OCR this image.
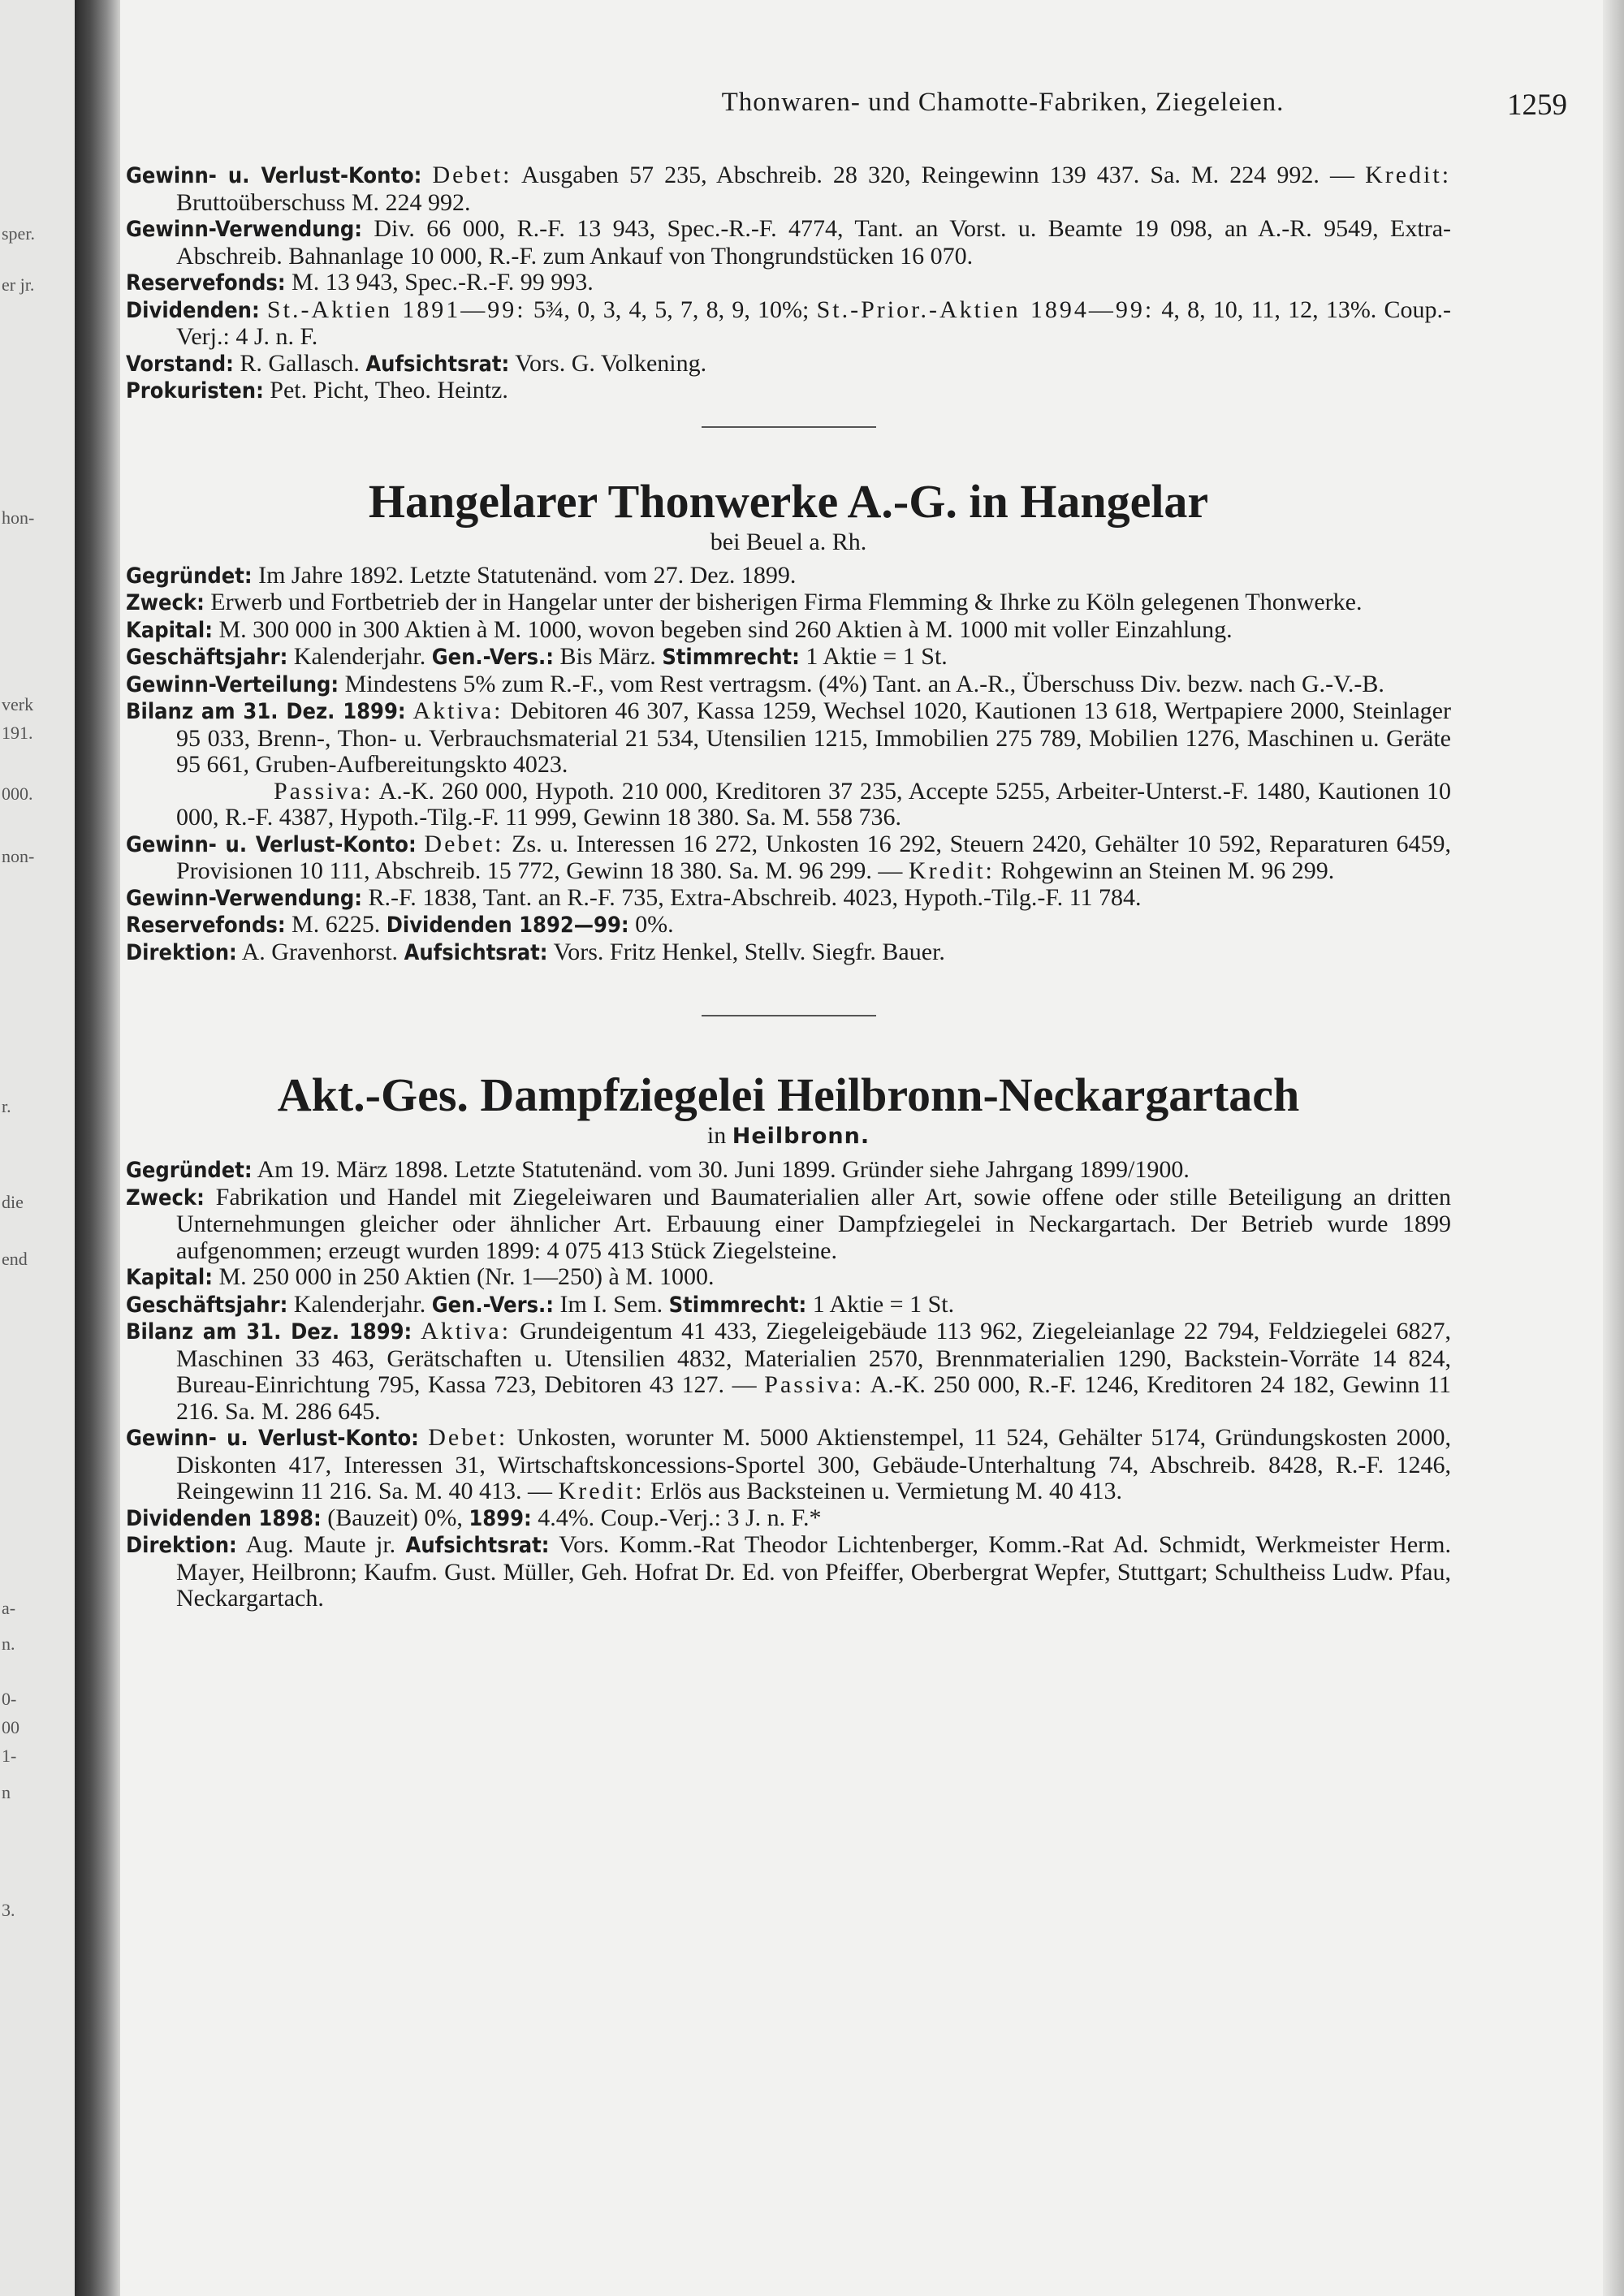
sper.
er jr.
hon-
verk
191.
000.
non-
r.
die
end
a-
n.
0-
00
1-
n
3.
Thonwaren- und Chamotte-Fabriken, Ziegeleien.	1259

Gewinn- u. Verlust-Konto: Debet: Ausgaben 57 235, Abschreib. 28 320, Reingewinn 139 437. Sa. M. 224 992. — Kredit: Bruttoüberschuss M. 224 992.

Gewinn-Verwendung: Div. 66 000, R.-F. 13 943, Spec.-R.-F. 4774, Tant. an Vorst. u. Beamte 19 098, an A.-R. 9549, Extra-Abschreib. Bahnanlage 10 000, R.-F. zum Ankauf von Thongrundstücken 16 070.

Reservefonds: M. 13 943, Spec.-R.-F. 99 993.

Dividenden: St.-Aktien 1891—99: 5¾, 0, 3, 4, 5, 7, 8, 9, 10%; St.-Prior.-Aktien 1894—99: 4, 8, 10, 11, 12, 13%. Coup.-Verj.: 4 J. n. F.

Vorstand: R. Gallasch. Aufsichtsrat: Vors. G. Volkening.

Prokuristen: Pet. Picht, Theo. Heintz.

Hangelarer Thonwerke A.-G. in Hangelar

bei Beuel a. Rh.

Gegründet: Im Jahre 1892. Letzte Statutenänd. vom 27. Dez. 1899.

Zweck: Erwerb und Fortbetrieb der in Hangelar unter der bisherigen Firma Flemming & Ihrke zu Köln gelegenen Thonwerke.

Kapital: M. 300 000 in 300 Aktien à M. 1000, wovon begeben sind 260 Aktien à M. 1000 mit voller Einzahlung.

Geschäftsjahr: Kalenderjahr. Gen.-Vers.: Bis März. Stimmrecht: 1 Aktie = 1 St.

Gewinn-Verteilung: Mindestens 5% zum R.-F., vom Rest vertragsm. (4%) Tant. an A.-R., Überschuss Div. bezw. nach G.-V.-B.

Bilanz am 31. Dez. 1899: Aktiva: Debitoren 46 307, Kassa 1259, Wechsel 1020, Kautionen 13 618, Wertpapiere 2000, Steinlager 95 033, Brenn-, Thon- u. Verbrauchsmaterial 21 534, Utensilien 1215, Immobilien 275 789, Mobilien 1276, Maschinen u. Geräte 95 661, Gruben-Aufbereitungskto 4023.
Passiva: A.-K. 260 000, Hypoth. 210 000, Kreditoren 37 235, Accepte 5255, Arbeiter-Unterst.-F. 1480, Kautionen 10 000, R.-F. 4387, Hypoth.-Tilg.-F. 11 999, Gewinn 18 380. Sa. M. 558 736.

Gewinn- u. Verlust-Konto: Debet: Zs. u. Interessen 16 272, Unkosten 16 292, Steuern 2420, Gehälter 10 592, Reparaturen 6459, Provisionen 10 111, Abschreib. 15 772, Gewinn 18 380. Sa. M. 96 299. — Kredit: Rohgewinn an Steinen M. 96 299.

Gewinn-Verwendung: R.-F. 1838, Tant. an R.-F. 735, Extra-Abschreib. 4023, Hypoth.-Tilg.-F. 11 784.

Reservefonds: M. 6225. Dividenden 1892—99: 0%.

Direktion: A. Gravenhorst. Aufsichtsrat: Vors. Fritz Henkel, Stellv. Siegfr. Bauer.

Akt.-Ges. Dampfziegelei Heilbronn-Neckargartach

in Heilbronn.

Gegründet: Am 19. März 1898. Letzte Statutenänd. vom 30. Juni 1899. Gründer siehe Jahrgang 1899/1900.

Zweck: Fabrikation und Handel mit Ziegeleiwaren und Baumaterialien aller Art, sowie offene oder stille Beteiligung an dritten Unternehmungen gleicher oder ähnlicher Art. Erbauung einer Dampfziegelei in Neckargartach. Der Betrieb wurde 1899 aufgenommen; erzeugt wurden 1899: 4 075 413 Stück Ziegelsteine.

Kapital: M. 250 000 in 250 Aktien (Nr. 1—250) à M. 1000.

Geschäftsjahr: Kalenderjahr. Gen.-Vers.: Im I. Sem. Stimmrecht: 1 Aktie = 1 St.

Bilanz am 31. Dez. 1899: Aktiva: Grundeigentum 41 433, Ziegeleigebäude 113 962, Ziegeleianlage 22 794, Feldziegelei 6827, Maschinen 33 463, Gerätschaften u. Utensilien 4832, Materialien 2570, Brennmaterialien 1290, Backstein-Vorräte 14 824, Bureau-Einrichtung 795, Kassa 723, Debitoren 43 127. — Passiva: A.-K. 250 000, R.-F. 1246, Kreditoren 24 182, Gewinn 11 216. Sa. M. 286 645.

Gewinn- u. Verlust-Konto: Debet: Unkosten, worunter M. 5000 Aktienstempel, 11 524, Gehälter 5174, Gründungskosten 2000, Diskonten 417, Interessen 31, Wirtschaftskoncessions-Sportel 300, Gebäude-Unterhaltung 74, Abschreib. 8428, R.-F. 1246, Reingewinn 11 216. Sa. M. 40 413. — Kredit: Erlös aus Backsteinen u. Vermietung M. 40 413.

Dividenden 1898: (Bauzeit) 0%, 1899: 4.4%. Coup.-Verj.: 3 J. n. F.*

Direktion: Aug. Maute jr. Aufsichtsrat: Vors. Komm.-Rat Theodor Lichtenberger, Komm.-Rat Ad. Schmidt, Werkmeister Herm. Mayer, Heilbronn; Kaufm. Gust. Müller, Geh. Hofrat Dr. Ed. von Pfeiffer, Oberbergrat Wepfer, Stuttgart; Schultheiss Ludw. Pfau, Neckargartach.
